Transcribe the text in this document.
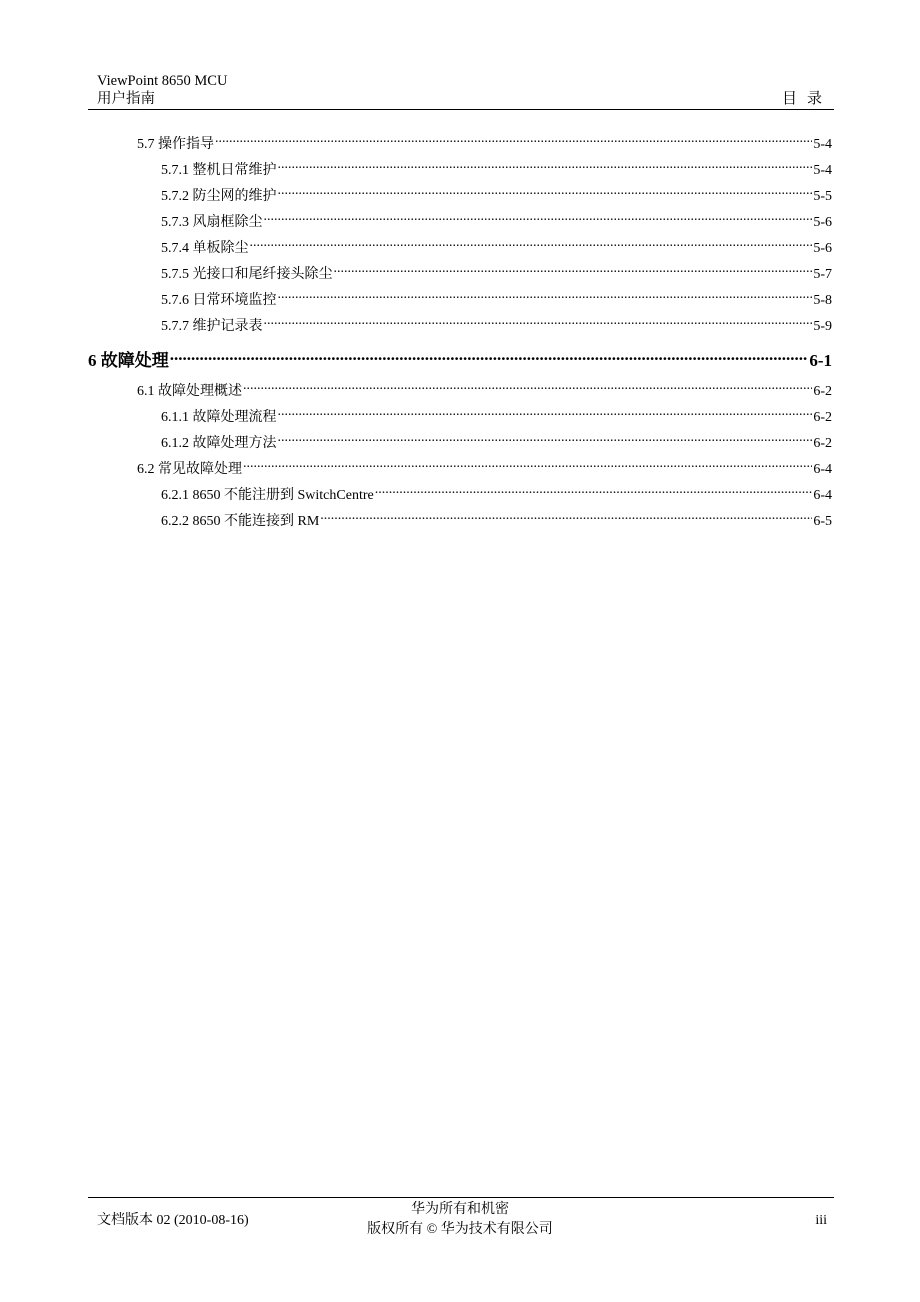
ViewPoint 8650 MCU
用户指南	目录
5.7 操作指导 .....	5-4
5.7.1 整机日常维护 .....	5-4
5.7.2 防尘网的维护 .....	5-5
5.7.3 风扇框除尘 .....	5-6
5.7.4 单板除尘 .....	5-6
5.7.5 光接口和尾纤接头除尘 .....	5-7
5.7.6 日常环境监控 .....	5-8
5.7.7 维护记录表 .....	5-9
6 故障处理 .....	6-1
6.1 故障处理概述 .....	6-2
6.1.1 故障处理流程 .....	6-2
6.1.2 故障处理方法 .....	6-2
6.2 常见故障处理 .....	6-4
6.2.1 8650 不能注册到 SwitchCentre .....	6-4
6.2.2 8650 不能连接到 RM .....	6-5
文档版本 02 (2010-08-16)
华为所有和机密
版权所有 © 华为技术有限公司
iii
